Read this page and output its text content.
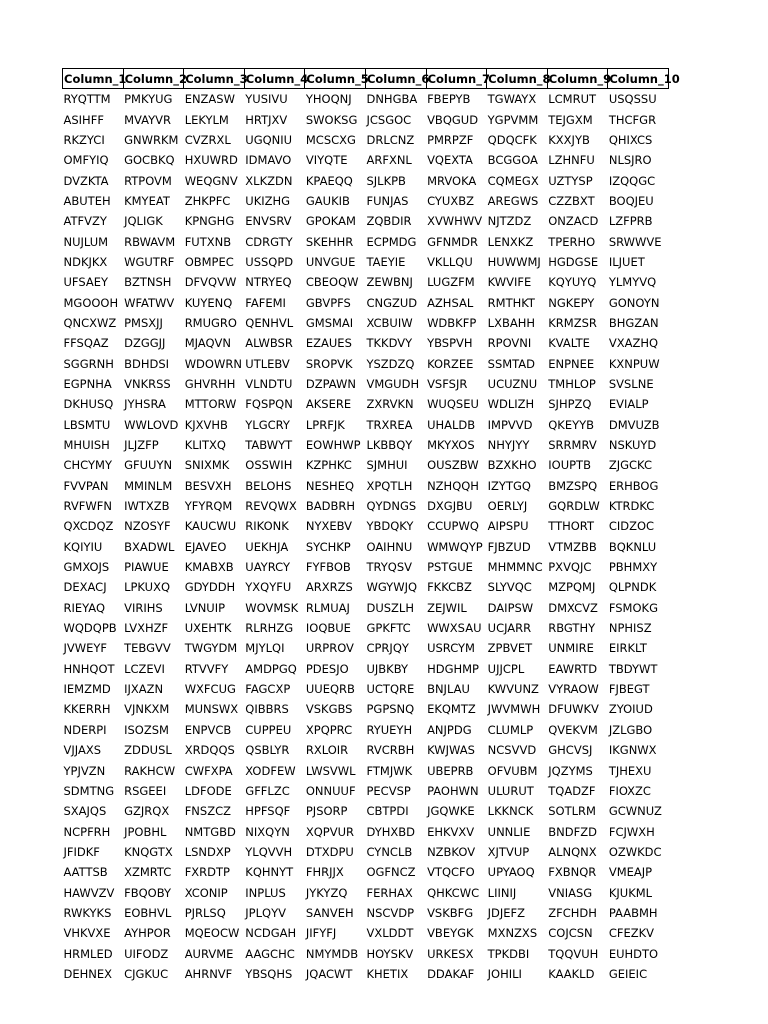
Column_1	Column_2	Column_3	Column_4	Column_5	Column_6	Column_7	Column_8	Column_9	Column_10
RYQTTM	PMKYUG	ENZASW	YUSIVU	YHOQNJ	DNHGBA	FBEPYB	TGWAYX	LCMRUT	USQSSU
ASIHFF	MVAYVR	LEKYLM	HRTJXV	SWOKSG	JCSGOC	VBQGUD	YGPVMM	TEJGXM	THCFGR
RKZYCI	GNWRKM	CVZRXL	UGQNIU	MCSCXG	DRLCNZ	PMRPZF	QDQCFK	KXXJYB	QHIXCS
OMFYIQ	GOCBKQ	HXUWRD	IDMAVO	VIYQTE	ARFXNL	VQEXTA	BCGGOA	LZHNFU	NLSJRO
DVZKTA	RTPOVM	WEQGNV	XLKZDN	KPAEQQ	SJLKPB	MRVOKA	CQMEGX	UZTYSP	IZQQGC
ABUTEH	KMYEAT	ZHKPFC	UKIZHG	GAUKIB	FUNJAS	CYUXBZ	AREGWS	CZZBXT	BOQJEU
ATFVZY	JQLIGK	KPNGHG	ENVSRV	GPOKAM	ZQBDIR	XVWHWV	NJTZDZ	ONZACD	LZFPRB
NUJLUM	RBWAVM	FUTXNB	CDRGTY	SKEHHR	ECPMDG	GFNMDR	LENXKZ	TPERHO	SRWWVE
NDKJKX	WGUTRF	OBMPEC	USSQPD	UNVGUE	TAEYIE	VKLLQU	HUWWMJ	HGDGSE	ILJUET
UFSAEY	BZTNSH	DFVQVW	NTRYEQ	CBEOQW	ZEWBNJ	LUGZFM	KWVIFE	KQYUYQ	YLMYVQ
MGOOOH	WFATWV	KUYENQ	FAFEMI	GBVPFS	CNGZUD	AZHSAL	RMTHKT	NGKEPY	GONOYN
QNCXWZ	PMSXJJ	RMUGRO	QENHVL	GMSMAI	XCBUIW	WDBKFP	LXBAHH	KRMZSR	BHGZAN
FFSQAZ	DZGGJJ	MJAQVN	ALWBSR	EZAUES	TKKDVY	YBSPVH	RPOVNI	KVALTE	VXAZHQ
SGGRNH	BDHDSI	WDOWRN	UTLEBV	SROPVK	YSZDZQ	KORZEE	SSMTAD	ENPNEE	KXNPUW
EGPNHA	VNKRSS	GHVRHH	VLNDTU	DZPAWN	VMGUDH	VSFSJR	UCUZNU	TMHLOP	SVSLNE
DKHUSQ	JYHSRA	MTTORW	FQSPQN	AKSERE	ZXRVKN	WUQSEU	WDLIZH	SJHPZQ	EVIALP
LBSMTU	WWLOVD	KJXVHB	YLGCRY	LPRFJK	TRXREA	UHALDB	IMPVVD	QKEYYB	DMVUZB
MHUISH	JLJZFP	KLITXQ	TABWYT	EOWHWP	LKBBQY	MKYXOS	NHYJYY	SRRMRV	NSKUYD
CHCYMY	GFUUYN	SNIXMK	OSSWIH	KZPHKC	SJMHUI	OUSZBW	BZXKHO	IOUPTB	ZJGCKC
FVVPAN	MMINLM	BESVXH	BELOHS	NESHEQ	XPQTLH	NZHQQH	IZYTGQ	BMZSPQ	ERHBOG
RVFWFN	IWTXZB	YFYRQM	REVQWX	BADBRH	QYDNGS	DXGJBU	OERLYJ	GQRDLW	KTRDKC
QXCDQZ	NZOSYF	KAUCWU	RIKONK	NYXEBV	YBDQKY	CCUPWQ	AIPSPU	TTHORT	CIDZOC
KQIYIU	BXADWL	EJAVEO	UEKHJA	SYCHKP	OAIHNU	WMWQYP	FJBZUD	VTMZBB	BQKNLU
GMXOJS	PIAWUE	KMABXB	UAYRCY	FYFBOB	TRYQSV	PSTGUE	MHMMNC	PXVQJC	PBHMXY
DEXACJ	LPKUXQ	GDYDDH	YXQYFU	ARXRZS	WGYWJQ	FKKCBZ	SLYVQC	MZPQMJ	QLPNDK
RIEYAQ	VIRIHS	LVNUIP	WOVMSK	RLMUAJ	DUSZLH	ZEJWIL	DAIPSW	DMXCVZ	FSMOKG
WQDQPB	LVXHZF	UXEHTK	RLRHZG	IOQBUE	GPKFTC	WWXSAU	UCJARR	RBGTHY	NPHISZ
JVWEYF	TEBGVV	TWGYDM	MJYLQI	URPROV	CPRJQY	USRCYM	ZPBVET	UNMIRE	EIRKLT
HNHQOT	LCZEVI	RTVVFY	AMDPGQ	PDESJO	UJBKBY	HDGHMP	UJJCPL	EAWRTD	TBDYWT
IEMZMD	IJXAZN	WXFCUG	FAGCXP	UUEQRB	UCTQRE	BNJLAU	KWVUNZ	VYRAOW	FJBEGT
KKERRH	VJNKXM	MUNSWX	QIBBRS	VSKGBS	PGPSNQ	EKQMTZ	JWVMWH	DFUWKV	ZYOIUD
NDERPI	ISOZSM	ENPVCB	CUPPEU	XPQPRC	RYUEYH	ANJPDG	CLUMLP	QVEKVM	JZLGBO
VJJAXS	ZDDUSL	XRDQQS	QSBLYR	RXLOIR	RVCRBH	KWJWAS	NCSVVD	GHCVSJ	IKGNWX
YPJVZN	RAKHCW	CWFXPA	XODFEW	LWSVWL	FTMJWK	UBEPRB	OFVUBM	JQZYMS	TJHEXU
SDMTNG	RSGEEI	LDFODE	GFFLZC	ONNUUF	PECVSP	PAOHWN	ULURUT	TQADZF	FIOXZC
SXAJQS	GZJRQX	FNSZCZ	HPFSQF	PJSORP	CBTPDI	JGQWKE	LKKNCK	SOTLRM	GCWNUZ
NCPFRH	JPOBHL	NMTGBD	NIXQYN	XQPVUR	DYHXBD	EHKVXV	UNNLIE	BNDFZD	FCJWXH
JFIDKF	KNQGTX	LSNDXP	YLQVVH	DTXDPU	CYNCLB	NZBKOV	XJTVUP	ALNQNX	OZWKDC
AATTSB	XZMRTC	FXRDTP	KQHNYT	FHRJJX	OGFNCZ	VTQCFO	UPYAOQ	FXBNQR	VMEAJP
HAWVZV	FBQOBY	XCONIP	INPLUS	JYKYZQ	FERHAX	QHKCWC	LIINIJ	VNIASG	KJUKML
RWKYKS	EOBHVL	PJRLSQ	JPLQYV	SANVEH	NSCVDP	VSKBFG	JDJEFZ	ZFCHDH	PAABMH
VHKVXE	AYHPOR	MQEOCW	NCDGAH	JIFYFJ	VXLDDT	VBEYGK	MXNZXS	COJCSN	CFEZKV
HRMLED	UIFODZ	AURVME	AAGCHC	NMYMDB	HOYSKV	URKESX	TPKDBI	TQQVUH	EUHDTO
DEHNEX	CJGKUC	AHRNVF	YBSQHS	JQACWT	KHETIX	DDAKAF	JOHILI	KAAKLD	GEIEIC
